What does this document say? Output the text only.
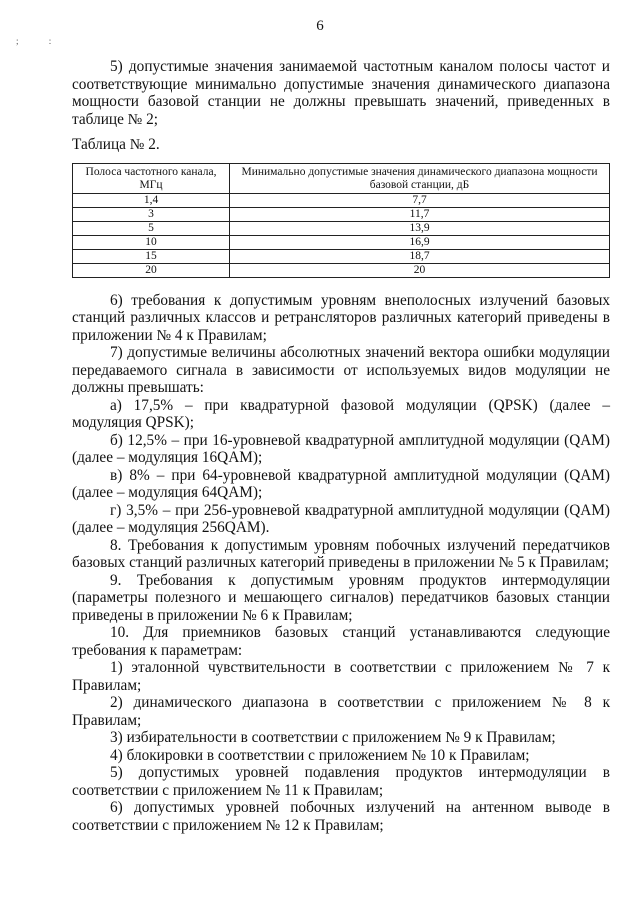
6
; :

5) допустимые значения занимаемой частотным каналом полосы частот и соответствующие минимально допустимые значения динамического диапазона мощности базовой станции не должны превышать значений, приведенных в таблице № 2;

Таблица № 2.

Полоса частотного канала, МГц	Минимально допустимые значения динамического диапазона мощности базовой станции, дБ
1,4	7,7
3	11,7
5	13,9
10	16,9
15	18,7
20	20

6) требования к допустимым уровням внеполосных излучений базовых станций различных классов и ретрансляторов различных категорий приведены в приложении № 4 к Правилам;

7) допустимые величины абсолютных значений вектора ошибки модуляции передаваемого сигнала в зависимости от используемых видов модуляции не должны превышать:

а) 17,5% – при квадратурной фазовой модуляции (QPSK) (далее – модуляция QPSK);

б) 12,5% – при 16-уровневой квадратурной амплитудной модуляции (QAM) (далее – модуляция 16QAM);

в) 8% – при 64-уровневой квадратурной амплитудной модуляции (QAM) (далее – модуляция 64QAM);

г) 3,5% – при 256-уровневой квадратурной амплитудной модуляции (QAM) (далее – модуляция 256QAM).

8. Требования к допустимым уровням побочных излучений передатчиков базовых станций различных категорий приведены в приложении № 5 к Правилам;

9. Требования к допустимым уровням продуктов интермодуляции (параметры полезного и мешающего сигналов) передатчиков базовых станции приведены в приложении № 6 к Правилам;

10. Для приемников базовых станций устанавливаются следующие требования к параметрам:

1) эталонной чувствительности в соответствии с приложением № 7 к Правилам;

2) динамического диапазона в соответствии с приложением № 8 к Правилам;

3) избирательности в соответствии с приложением № 9 к Правилам;

4) блокировки в соответствии с приложением № 10 к Правилам;

5) допустимых уровней подавления продуктов интермодуляции в соответствии с приложением № 11 к Правилам;

6) допустимых уровней побочных излучений на антенном выводе в соответствии с приложением № 12 к Правилам;
